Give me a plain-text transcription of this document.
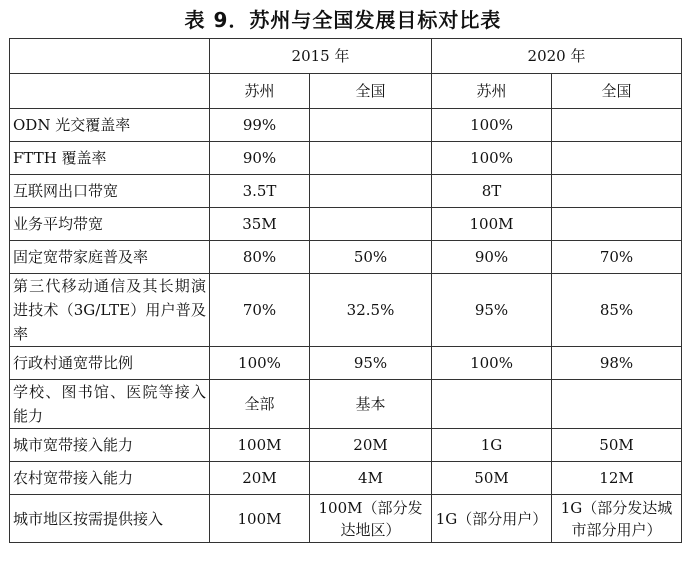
表 9．苏州与全国发展目标对比表
	2015 年		2020 年	
	苏州	全国	苏州	全国
ODN 光交覆盖率	99%		100%	
FTTH 覆盖率	90%		100%	
互联网出口带宽	3.5T		8T	
业务平均带宽	35M		100M	
固定宽带家庭普及率	80%	50%	90%	70%

第三代移动通信及其长期演进技术（3G/LTE）用户普及率	70%	32.5%	95%	85%
行政村通宽带比例	100%	95%	100%	98%

学校、图书馆、医院等接入能力	全部	基本		
城市宽带接入能力	100M	20M	1G	50M
农村宽带接入能力	20M	4M	50M	12M
城市地区按需提供接入	100M	100M（部分发达地区）	1G（部分用户）	1G（部分发达城市部分用户）
